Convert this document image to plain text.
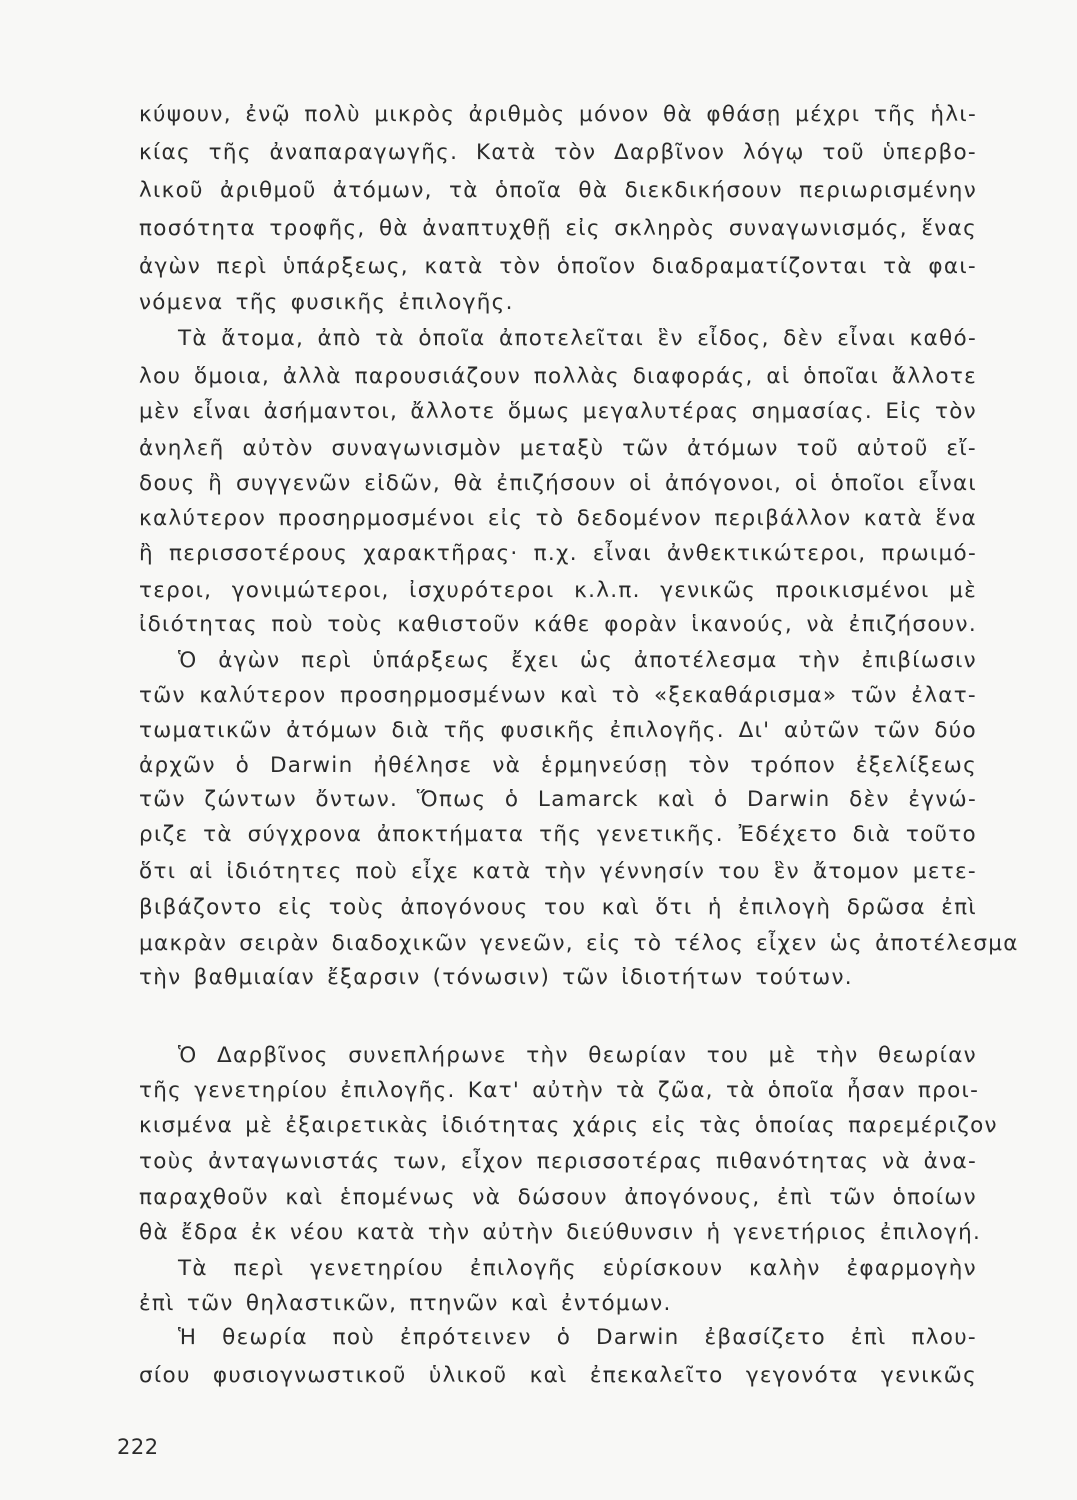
κύψουν, ἐνῷ πολὺ μικρὸς ἀριθμὸς μόνον θὰ φθάσῃ μέχρι τῆς ἡλι-
κίας τῆς ἀναπαραγωγῆς. Κατὰ τὸν Δαρβῖνον λόγῳ τοῦ ὑπερβο-
λικοῦ ἀριθμοῦ ἀτόμων, τὰ ὁποῖα θὰ διεκδικήσουν περιωρισμένην
ποσότητα τροφῆς, θὰ ἀναπτυχθῇ εἰς σκληρὸς συναγωνισμός, ἕνας
ἀγὼν περὶ ὑπάρξεως, κατὰ τὸν ὁποῖον διαδραματίζονται τὰ φαι-
νόμενα τῆς φυσικῆς ἐπιλογῆς.
Τὰ ἄτομα, ἀπὸ τὰ ὁποῖα ἀποτελεῖται ἓν εἶδος, δὲν εἶναι καθό-
λου ὅμοια, ἀλλὰ παρουσιάζουν πολλὰς διαφοράς, αἱ ὁποῖαι ἄλλοτε
μὲν εἶναι ἀσήμαντοι, ἄλλοτε ὅμως μεγαλυτέρας σημασίας. Εἰς τὸν
ἀνηλεῆ αὐτὸν συναγωνισμὸν μεταξὺ τῶν ἀτόμων τοῦ αὐτοῦ εἴ-
δους ἢ συγγενῶν εἰδῶν, θὰ ἐπιζήσουν οἱ ἀπόγονοι, οἱ ὁποῖοι εἶναι
καλύτερον προσηρμοσμένοι εἰς τὸ δεδομένον περιβάλλον κατὰ ἕνα
ἢ περισσοτέρους χαρακτῆρας· π.χ. εἶναι ἀνθεκτικώτεροι, πρωιμό-
τεροι, γονιμώτεροι, ἰσχυρότεροι κ.λ.π. γενικῶς προικισμένοι μὲ
ἰδιότητας ποὺ τοὺς καθιστοῦν κάθε φορὰν ἱκανούς, νὰ ἐπιζήσουν.
Ὁ ἀγὼν περὶ ὑπάρξεως ἔχει ὡς ἀποτέλεσμα τὴν ἐπιβίωσιν
τῶν καλύτερον προσηρμοσμένων καὶ τὸ «ξεκαθάρισμα» τῶν ἐλατ-
τωματικῶν ἀτόμων διὰ τῆς φυσικῆς ἐπιλογῆς. Δι' αὐτῶν τῶν δύο
ἀρχῶν ὁ Darwin ἠθέλησε νὰ ἑρμηνεύσῃ τὸν τρόπον ἐξελίξεως
τῶν ζώντων ὄντων. Ὅπως ὁ Lamarck καὶ ὁ Darwin δὲν ἐγνώ-
ριζε τὰ σύγχρονα ἀποκτήματα τῆς γενετικῆς. Ἐδέχετο διὰ τοῦτο
ὅτι αἱ ἰδιότητες ποὺ εἶχε κατὰ τὴν γέννησίν του ἓν ἄτομον μετε-
βιβάζοντο εἰς τοὺς ἀπογόνους του καὶ ὅτι ἡ ἐπιλογὴ δρῶσα ἐπὶ
μακρὰν σειρὰν διαδοχικῶν γενεῶν, εἰς τὸ τέλος εἶχεν ὡς ἀποτέλεσμα
τὴν βαθμιαίαν ἔξαρσιν (τόνωσιν) τῶν ἰδιοτήτων τούτων.
Ὁ Δαρβῖνος συνεπλήρωνε τὴν θεωρίαν του μὲ τὴν θεωρίαν
τῆς γενετηρίου ἐπιλογῆς. Κατ' αὐτὴν τὰ ζῶα, τὰ ὁποῖα ἦσαν προι-
κισμένα μὲ ἐξαιρετικὰς ἰδιότητας χάρις εἰς τὰς ὁποίας παρεμέριζον
τοὺς ἀνταγωνιστάς των, εἶχον περισσοτέρας πιθανότητας νὰ ἀνα-
παραχθοῦν καὶ ἑπομένως νὰ δώσουν ἀπογόνους, ἐπὶ τῶν ὁποίων
θὰ ἔδρα ἐκ νέου κατὰ τὴν αὐτὴν διεύθυνσιν ἡ γενετήριος ἐπιλογή.
Τὰ περὶ γενετηρίου ἐπιλογῆς εὑρίσκουν καλὴν ἐφαρμογὴν
ἐπὶ τῶν θηλαστικῶν, πτηνῶν καὶ ἐντόμων.
Ἡ θεωρία ποὺ ἐπρότεινεν ὁ Darwin ἐβασίζετο ἐπὶ πλου-
σίου φυσιογνωστικοῦ ὑλικοῦ καὶ ἐπεκαλεῖτο γεγονότα γενικῶς
222
